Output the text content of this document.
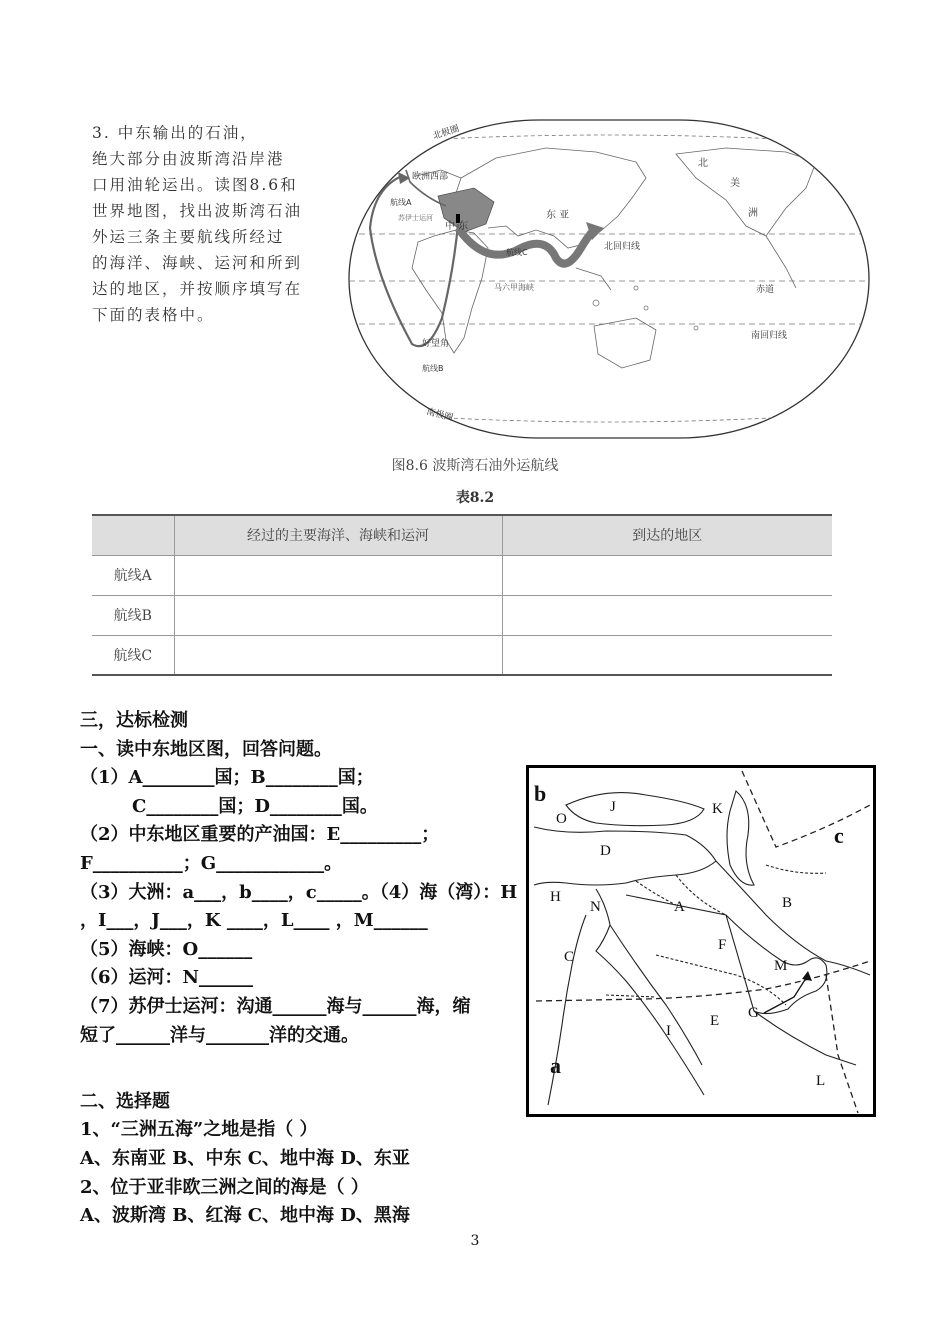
3. 中东输出的石油，

绝大部分由波斯湾沿岸港

口用油轮运出。读图8.6和

世界地图，找出波斯湾石油

外运三条主要航线所经过

的海洋、海峡、运河和所到

达的地区，并按顺序填写在

下面的表格中。

北极圈
欧洲西部
航线A
苏伊士运河
中 东
东 亚
航线C
马六甲海峡
北回归线
赤道
南回归线
好望角
航线B
南极圈
北
美
洲
图8.6 波斯湾石油外运航线
表8.2
	经过的主要海洋、海峡和运河	到达的地区
航线A		
航线B		
航线C		
三，达标检测
一、读中东地区图，回答问题。
（1）A________国；B________国；
C________国；D________国。
（2）中东地区重要的产油国：E_________；
F__________；G____________。
（3）大洲：a___，b____，c_____。（4）海（湾）：H
，I___，J___，K ____，L____ ，M______
（5）海峡：O______
（6）运河：N______
（7）苏伊士运河：沟通______海与______海，缩
短了______洋与_______洋的交通。
二、选择题
1、“三洲五海”之地是指（ ）
A、东南亚 B、中东 C、地中海 D、东亚
2、位于亚非欧三洲之间的海是（ ）
A、波斯湾 B、红海 C、地中海 D、黑海
b
c
a
O
J	K
D
H
N	A	B
F
C
M
G
E
I
L
3
